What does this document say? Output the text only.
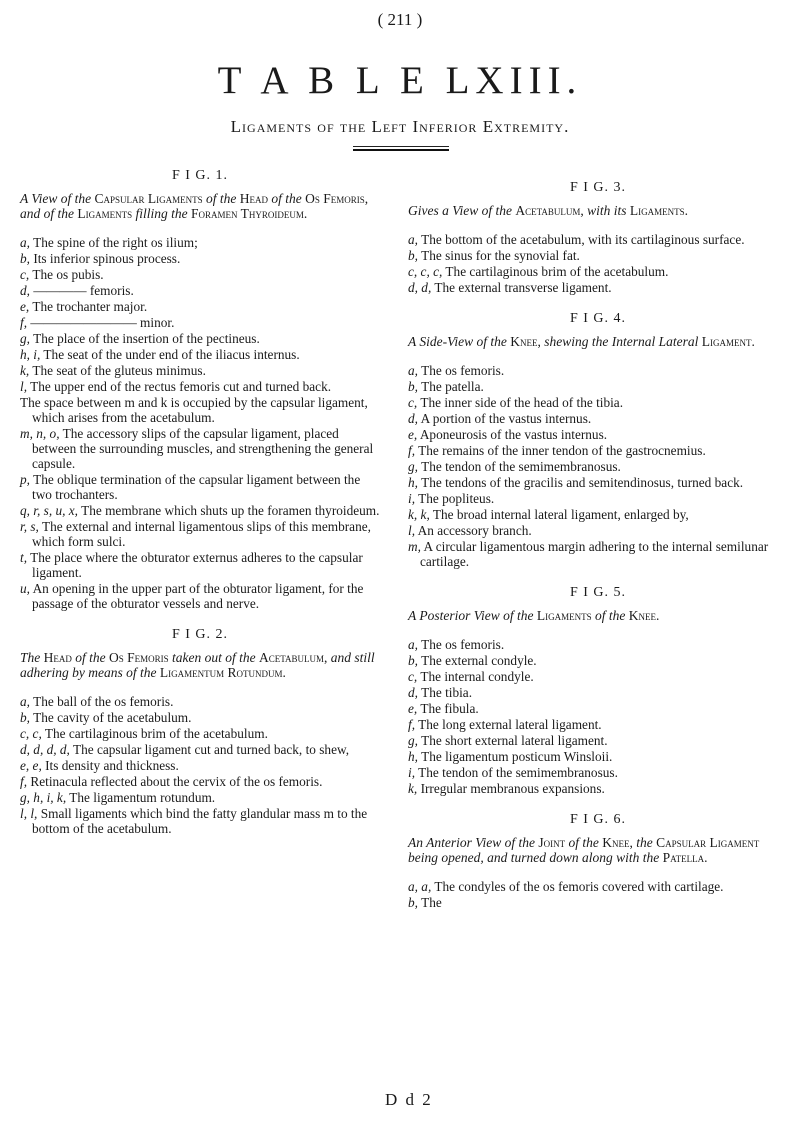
( 211 )
T A B L E LXIII.
Ligaments of the Left Inferior Extremity.
F I G. 1.
A View of the Capsular Ligaments of the Head of the Os Femoris, and of the Ligaments filling the Foramen Thyroideum.
a, The spine of the right os ilium;
b, Its inferior spinous process.
c, The os pubis.
d, ———— femoris.
e, The trochanter major.
f, ———————— minor.
g, The place of the insertion of the pectineus.
h, i, The seat of the under end of the iliacus internus.
k, The seat of the gluteus minimus.
l, The upper end of the rectus femoris cut and turned back.
The space between m and k is occupied by the capsular ligament, which arises from the acetabulum.
m, n, o, The accessory slips of the capsular ligament, placed between the surrounding muscles, and strengthening the general capsule.
p, The oblique termination of the capsular ligament between the two trochanters.
q, r, s, u, x, The membrane which shuts up the foramen thyroideum.
r, s, The external and internal ligamentous slips of this membrane, which form sulci.
t, The place where the obturator externus adheres to the capsular ligament.
u, An opening in the upper part of the obturator ligament, for the passage of the obturator vessels and nerve.
F I G. 2.
The Head of the Os Femoris taken out of the Acetabulum, and still adhering by means of the Ligamentum Rotundum.
a, The ball of the os femoris.
b, The cavity of the acetabulum.
c, c, The cartilaginous brim of the acetabulum.
d, d, d, d, The capsular ligament cut and turned back, to shew,
e, e, Its density and thickness.
f, Retinacula reflected about the cervix of the os femoris.
g, h, i, k, The ligamentum rotundum.
l, l, Small ligaments which bind the fatty glandular mass m to the bottom of the acetabulum.
F I G. 3.
Gives a View of the Acetabulum, with its Ligaments.
a, The bottom of the acetabulum, with its cartilaginous surface.
b, The sinus for the synovial fat.
c, c, c, The cartilaginous brim of the acetabulum.
d, d, The external transverse ligament.
F I G. 4.
A Side-View of the Knee, shewing the Internal Lateral Ligament.
a, The os femoris.
b, The patella.
c, The inner side of the head of the tibia.
d, A portion of the vastus internus.
e, Aponeurosis of the vastus internus.
f, The remains of the inner tendon of the gastrocnemius.
g, The tendon of the semimembranosus.
h, The tendons of the gracilis and semitendinosus, turned back.
i, The popliteus.
k, k, The broad internal lateral ligament, enlarged by,
l, An accessory branch.
m, A circular ligamentous margin adhering to the internal semilunar cartilage.
F I G. 5.
A Posterior View of the Ligaments of the Knee.
a, The os femoris.
b, The external condyle.
c, The internal condyle.
d, The tibia.
e, The fibula.
f, The long external lateral ligament.
g, The short external lateral ligament.
h, The ligamentum posticum Winsloii.
i, The tendon of the semimembranosus.
k, Irregular membranous expansions.
F I G. 6.
An Anterior View of the Joint of the Knee, the Capsular Ligament being opened, and turned down along with the Patella.
a, a, The condyles of the os femoris covered with cartilage.
b, The
D d 2
